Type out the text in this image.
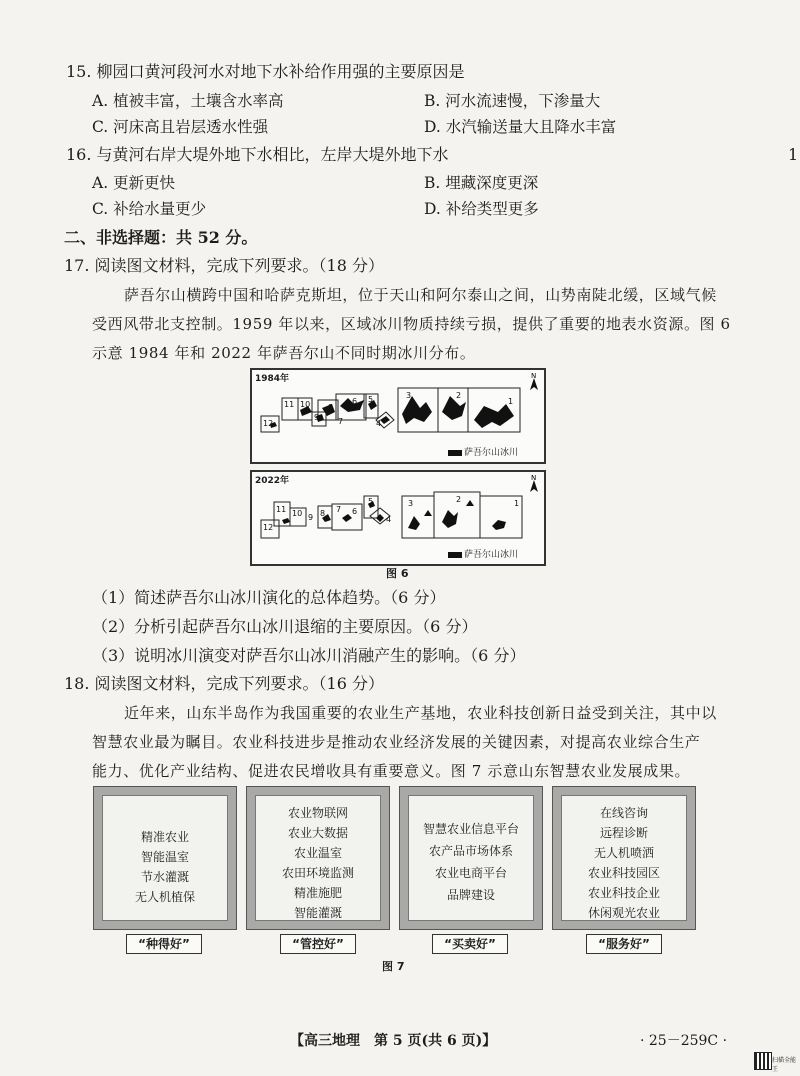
15. 柳园口黄河段河水对地下水补给作用强的主要原因是
A. 植被丰富，土壤含水率高	B. 河水流速慢，下渗量大
C. 河床高且岩层透水性强	D. 水汽输送量大且降水丰富
16. 与黄河右岸大堤外地下水相比，左岸大堤外地下水	1
A. 更新更快	B. 埋藏深度更深
C. 补给水量更少	D. 补给类型更多
二、非选择题：共 52 分。
17. 阅读图文材料，完成下列要求。（18 分）
萨吾尔山横跨中国和哈萨克斯坦，位于天山和阿尔泰山之间，山势南陡北缓，区域气候
受西风带北支控制。1959 年以来，区域冰川物质持续亏损，提供了重要的地表水资源。图 6
示意 1984 年和 2022 年萨吾尔山不同时期冰川分布。
1984年
1
2
3
4
5
6
7
8
9
10
11
12
N
萨吾尔山冰川
2022年
1
2
3
4
5
6
7
8
9
10
11
12
N
萨吾尔山冰川
图 6
（1）简述萨吾尔山冰川演化的总体趋势。（6 分）
（2）分析引起萨吾尔山冰川退缩的主要原因。（6 分）
（3）说明冰川演变对萨吾尔山冰川消融产生的影响。（6 分）
18. 阅读图文材料，完成下列要求。（16 分）
近年来，山东半岛作为我国重要的农业生产基地，农业科技创新日益受到关注，其中以
智慧农业最为瞩目。农业科技进步是推动农业经济发展的关键因素，对提高农业综合生产
能力、优化产业结构、促进农民增收具有重要意义。图 7 示意山东智慧农业发展成果。
精准农业
智能温室
节水灌溉
无人机植保
农业物联网
农业大数据
农业温室
农田环境监测
精准施肥
智能灌溉
智慧农业信息平台
农产品市场体系
农业电商平台
品牌建设
在线咨询
远程诊断
无人机喷洒
农业科技园区
农业科技企业
休闲观光农业
“种得好”	“管控好”	“买卖好”	“服务好”
图 7
【高三地理　第 5 页(共 6 页)】	· 25－259C ·
扫描全能王
